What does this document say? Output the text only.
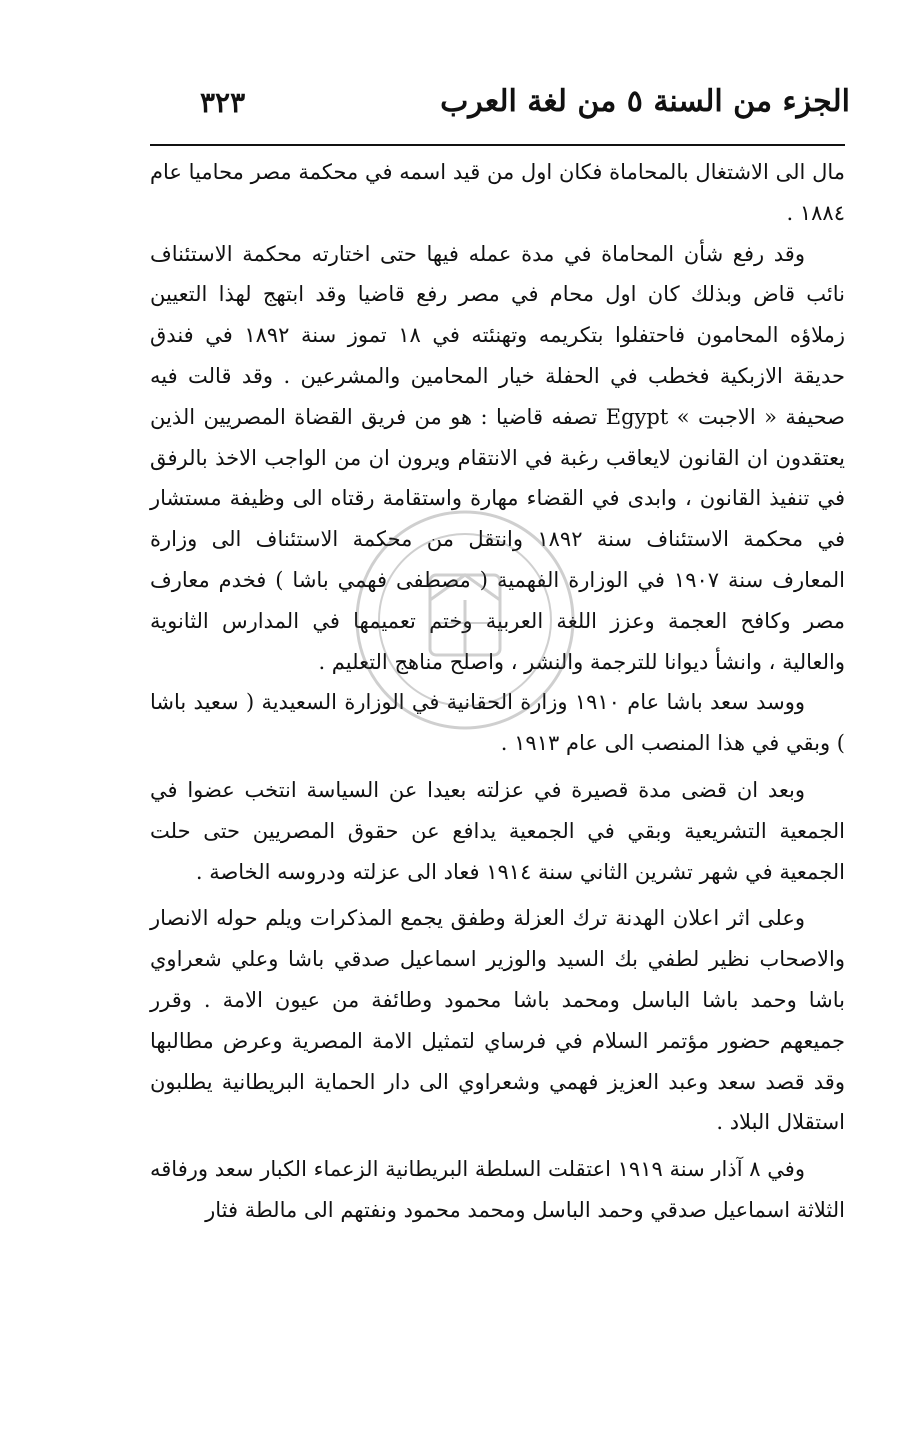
الجزء من السنة ٥ من لغة العرب
٣٢٣

مال الى الاشتغال بالمحاماة فكان اول من قيد اسمه في محكمة مصر محاميا عام ١٨٨٤ .

وقد رفع شأن المحاماة في مدة عمله فيها حتى اختارته محكمة الاستئناف نائب قاض وبذلك كان اول محام في مصر رفع قاضيا وقد ابتهج لهذا التعيين زملاؤه المحامون فاحتفلوا بتكريمه وتهنئته في ١٨ تموز سنة ١٨٩٢ في فندق حديقة الازبكية فخطب في الحفلة خيار المحامين والمشرعين . وقد قالت فيه صحيفة « الاجبت » Egypt تصفه قاضيا : هو من فريق القضاة المصريين الذين يعتقدون ان القانون لايعاقب رغبة في الانتقام ويرون ان من الواجب الاخذ بالرفق في تنفيذ القانون ، وابدى في القضاء مهارة واستقامة رقتاه الى وظيفة مستشار في محكمة الاستئناف سنة ١٨٩٢ وانتقل من محكمة الاستئناف الى وزارة المعارف سنة ١٩٠٧ في الوزارة الفهمية ( مصطفى فهمي باشا ) فخدم معارف مصر وكافح العجمة وعزز اللغة العربية وختم تعميمها في المدارس الثانوية والعالية ، وانشأ ديوانا للترجمة والنشر ، واصلح مناهج التعليم .

ووسد سعد باشا عام ١٩١٠ وزارة الحقانية في الوزارة السعيدية ( سعيد باشا ) وبقي في هذا المنصب الى عام ١٩١٣ .

وبعد ان قضى مدة قصيرة في عزلته بعيدا عن السياسة انتخب عضوا في الجمعية التشريعية وبقي في الجمعية يدافع عن حقوق المصريين حتى حلت الجمعية في شهر تشرين الثاني سنة ١٩١٤ فعاد الى عزلته ودروسه الخاصة .

وعلى اثر اعلان الهدنة ترك العزلة وطفق يجمع المذكرات ويلم حوله الانصار والاصحاب نظير لطفي بك السيد والوزير اسماعيل صدقي باشا وعلي شعراوي باشا وحمد باشا الباسل ومحمد باشا محمود وطائفة من عيون الامة . وقرر جميعهم حضور مؤتمر السلام في فرساي لتمثيل الامة المصرية وعرض مطالبها وقد قصد سعد وعبد العزيز فهمي وشعراوي الى دار الحماية البريطانية يطلبون استقلال البلاد .

وفي ٨ آذار سنة ١٩١٩ اعتقلت السلطة البريطانية الزعماء الكبار سعد ورفاقه الثلاثة اسماعيل صدقي وحمد الباسل ومحمد محمود ونفتهم الى مالطة فثار
